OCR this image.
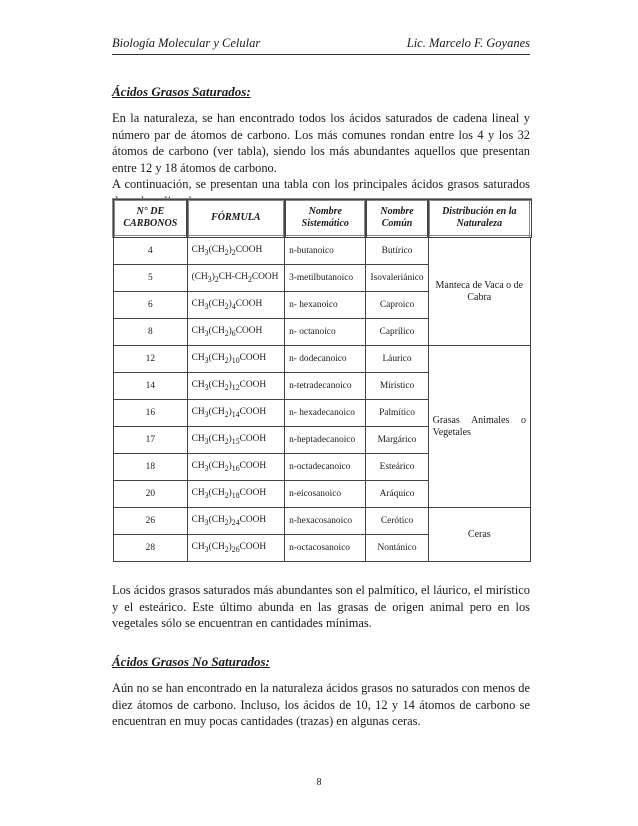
Biología Molecular y Celular	Lic. Marcelo F. Goyanes
Ácidos Grasos Saturados:

En la naturaleza, se han encontrado todos los ácidos saturados de cadena lineal y número par de átomos de carbono. Los más comunes rondan entre los 4 y los 32 átomos de carbono (ver tabla), siendo los más abundantes aquellos que presentan entre 12 y 18 átomos de carbono.

A continuación, se presentan una tabla con los principales ácidos grasos saturados

N° DE CARBONOS	FÓRMULA	Nombre Sistemático	Nombre Común	Distribución en la Naturaleza
4	$CH_3(CH_2)_2COOH$	n-butanoico	Butírico	Manteca de Vaca o de Cabra
5	$(CH_3)_2CH-CH_2COOH$	3-metilbutanoico	Isovaleriánico	
6	$CH_3(CH_2)_4COOH$	n- hexanoico	Caproico	
8	$CH_3(CH_2)_6COOH$	n- octanoico	Caprílico	
12	$CH_3(CH_2)_{10}COOH$	n- dodecanoico	Láurico	Grasas Animales o Vegetales
14	$CH_3(CH_2)_{12}COOH$	n-tetradecanoico	Mirístico	
16	$CH_3(CH_2)_{14}COOH$	n- hexadecanoico	Palmítico	
17	$CH_3(CH_2)_{15}COOH$	n-heptadecanoico	Margárico	
18	$CH_3(CH_2)_{16}COOH$	n-octadecanoico	Esteárico	
20	$CH_3(CH_2)_{18}COOH$	n-eicosanoico	Aráquico	
26	$CH_3(CH_2)_{24}COOH$	n-hexacosanoico	Cerótico	Ceras
28	$CH_3(CH_2)_{26}COOH$	n-octacosanoico	Nontánico	
Los ácidos grasos saturados más abundantes son el palmítico, el láurico, el mirístico y el esteárico. Este último abunda en las grasas de origen animal pero en los vegetales sólo se encuentran en cantidades mínimas.
Ácidos Grasos No Saturados:
Aún no se han encontrado en la naturaleza ácidos grasos no saturados con menos de diez átomos de carbono. Incluso, los ácidos de 10, 12 y 14 átomos de carbono se encuentran en muy pocas cantidades (trazas) en algunas ceras.
8
